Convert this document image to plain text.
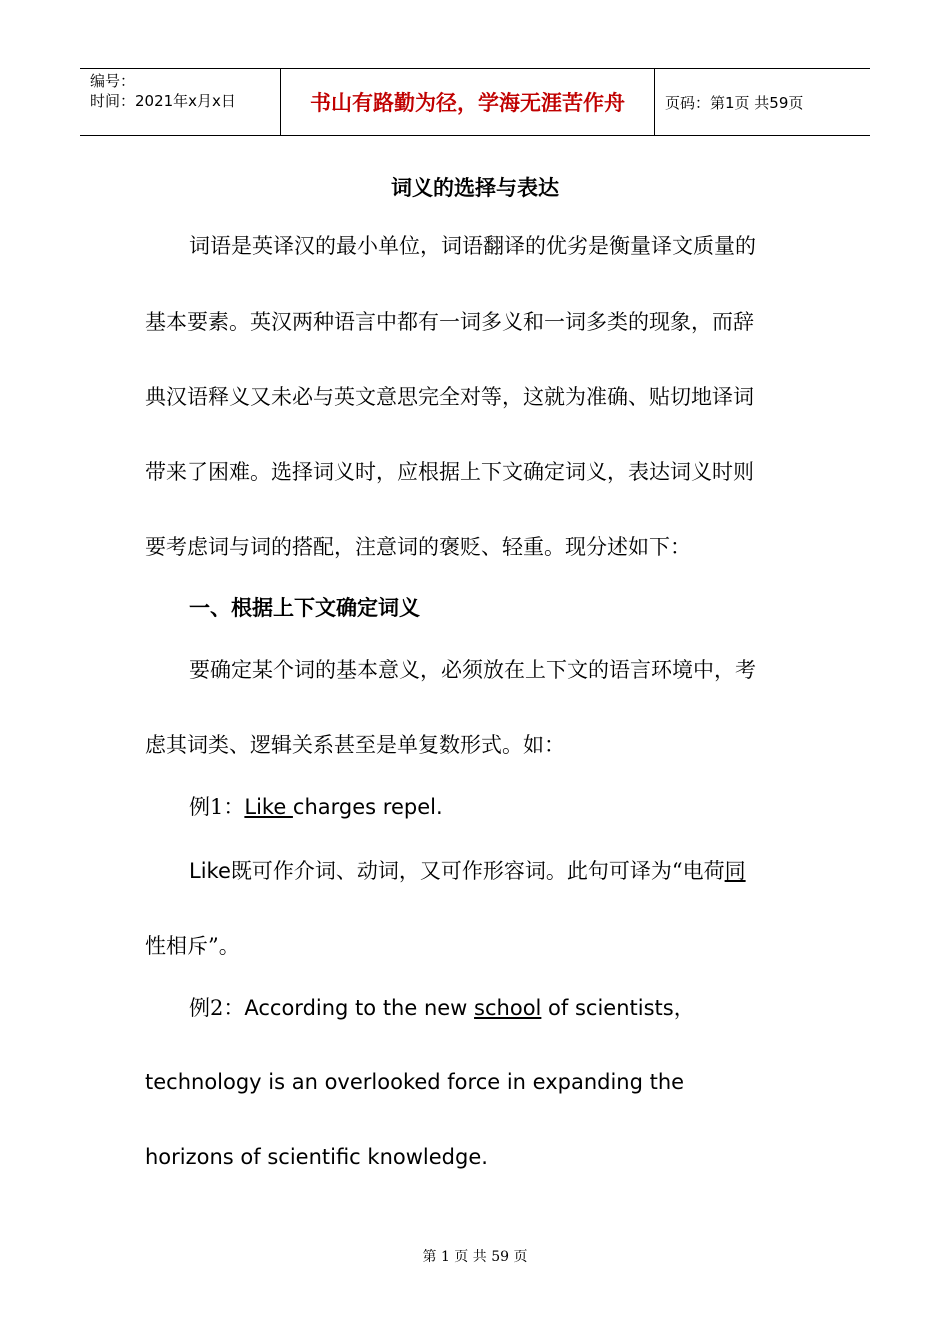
编号：
时间：2021年x月x日	书山有路勤为径，学海无涯苦作舟	页码：第1页 共59页
词义的选择与表达
词语是英译汉的最小单位，词语翻译的优劣是衡量译文质量的
基本要素。英汉两种语言中都有一词多义和一词多类的现象，而辞
典汉语释义又未必与英文意思完全对等，这就为准确、贴切地译词
带来了困难。选择词义时，应根据上下文确定词义，表达词义时则
要考虑词与词的搭配，注意词的褒贬、轻重。现分述如下：
一、根据上下文确定词义
要确定某个词的基本意义，必须放在上下文的语言环境中，考
虑其词类、逻辑关系甚至是单复数形式。如：
例1：Like charges repel.
Like既可作介词、动词，又可作形容词。此句可译为“电荷同
性相斥”。
例2：According to the new school of scientists，
technology is an overlooked force in expanding the
horizons of scientific knowledge.
第 1 页 共 59 页
